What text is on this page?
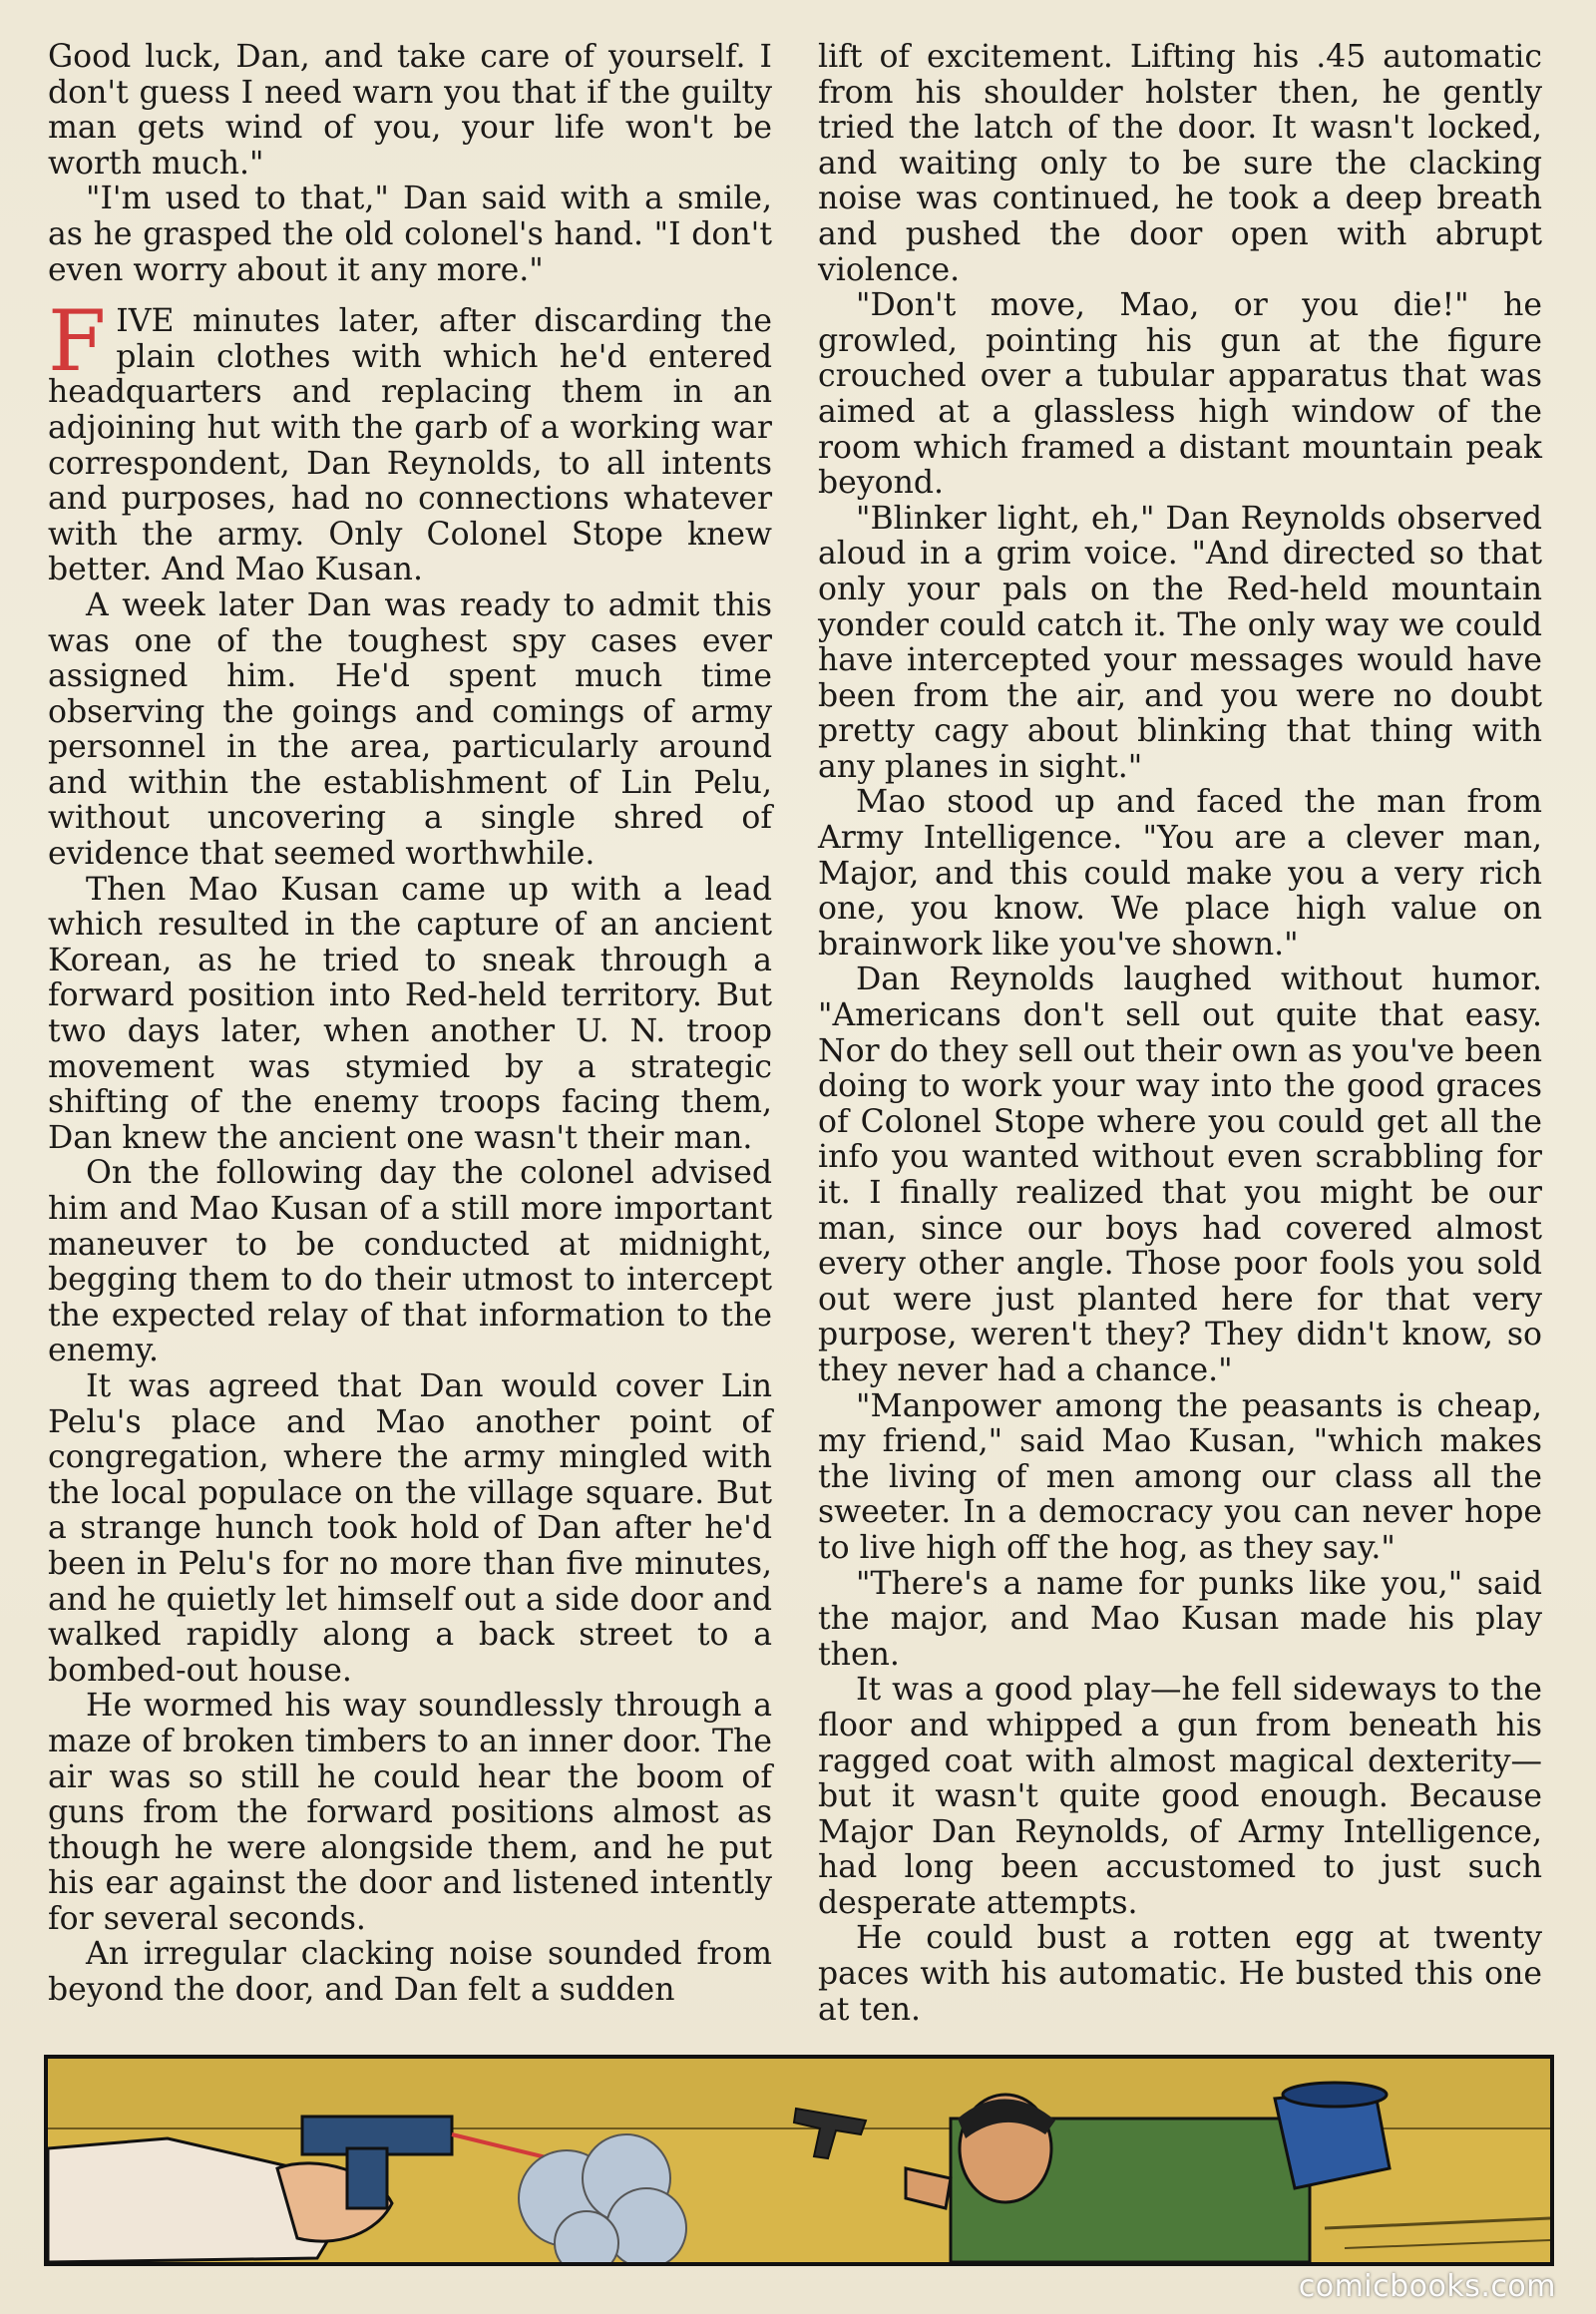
Good luck, Dan, and take care of yourself. I don't guess I need warn you that if the guilty man gets wind of you, your life won't be worth much."

"I'm used to that," Dan said with a smile, as he grasped the old colonel's hand. "I don't even worry about it any more."

FIVE minutes later, after discarding the plain clothes with which he'd entered headquarters and replacing them in an adjoining hut with the garb of a working war correspondent, Dan Reynolds, to all intents and purposes, had no connections whatever with the army. Only Colonel Stope knew better. And Mao Kusan.

A week later Dan was ready to admit this was one of the toughest spy cases ever assigned him. He'd spent much time observing the goings and comings of army personnel in the area, particularly around and within the establishment of Lin Pelu, without uncovering a single shred of evidence that seemed worthwhile.

Then Mao Kusan came up with a lead which resulted in the capture of an ancient Korean, as he tried to sneak through a forward position into Red-held territory. But two days later, when another U. N. troop movement was stymied by a strategic shifting of the enemy troops facing them, Dan knew the ancient one wasn't their man.

On the following day the colonel advised him and Mao Kusan of a still more important maneuver to be conducted at midnight, begging them to do their utmost to intercept the expected relay of that information to the enemy.

It was agreed that Dan would cover Lin Pelu's place and Mao another point of congregation, where the army mingled with the local populace on the village square. But a strange hunch took hold of Dan after he'd been in Pelu's for no more than five minutes, and he quietly let himself out a side door and walked rapidly along a back street to a bombed-out house.

He wormed his way soundlessly through a maze of broken timbers to an inner door. The air was so still he could hear the boom of guns from the forward positions almost as though he were alongside them, and he put his ear against the door and listened intently for several seconds.

An irregular clacking noise sounded from beyond the door, and Dan felt a sudden

lift of excitement. Lifting his .45 automatic from his shoulder holster then, he gently tried the latch of the door. It wasn't locked, and waiting only to be sure the clacking noise was continued, he took a deep breath and pushed the door open with abrupt violence.

"Don't move, Mao, or you die!" he growled, pointing his gun at the figure crouched over a tubular apparatus that was aimed at a glassless high window of the room which framed a distant mountain peak beyond.

"Blinker light, eh," Dan Reynolds observed aloud in a grim voice. "And directed so that only your pals on the Red-held mountain yonder could catch it. The only way we could have intercepted your messages would have been from the air, and you were no doubt pretty cagy about blinking that thing with any planes in sight."

Mao stood up and faced the man from Army Intelligence. "You are a clever man, Major, and this could make you a very rich one, you know. We place high value on brainwork like you've shown."

Dan Reynolds laughed without humor. "Americans don't sell out quite that easy. Nor do they sell out their own as you've been doing to work your way into the good graces of Colonel Stope where you could get all the info you wanted without even scrabbling for it. I finally realized that you might be our man, since our boys had covered almost every other angle. Those poor fools you sold out were just planted here for that very purpose, weren't they? They didn't know, so they never had a chance."

"Manpower among the peasants is cheap, my friend," said Mao Kusan, "which makes the living of men among our class all the sweeter. In a democracy you can never hope to live high off the hog, as they say."

"There's a name for punks like you," said the major, and Mao Kusan made his play then.

It was a good play—he fell sideways to the floor and whipped a gun from beneath his ragged coat with almost magical dexterity—but it wasn't quite good enough. Because Major Dan Reynolds, of Army Intelligence, had long been accustomed to just such desperate attempts.

He could bust a rotten egg at twenty paces with his automatic. He busted this one at ten.

comicbooks.com
